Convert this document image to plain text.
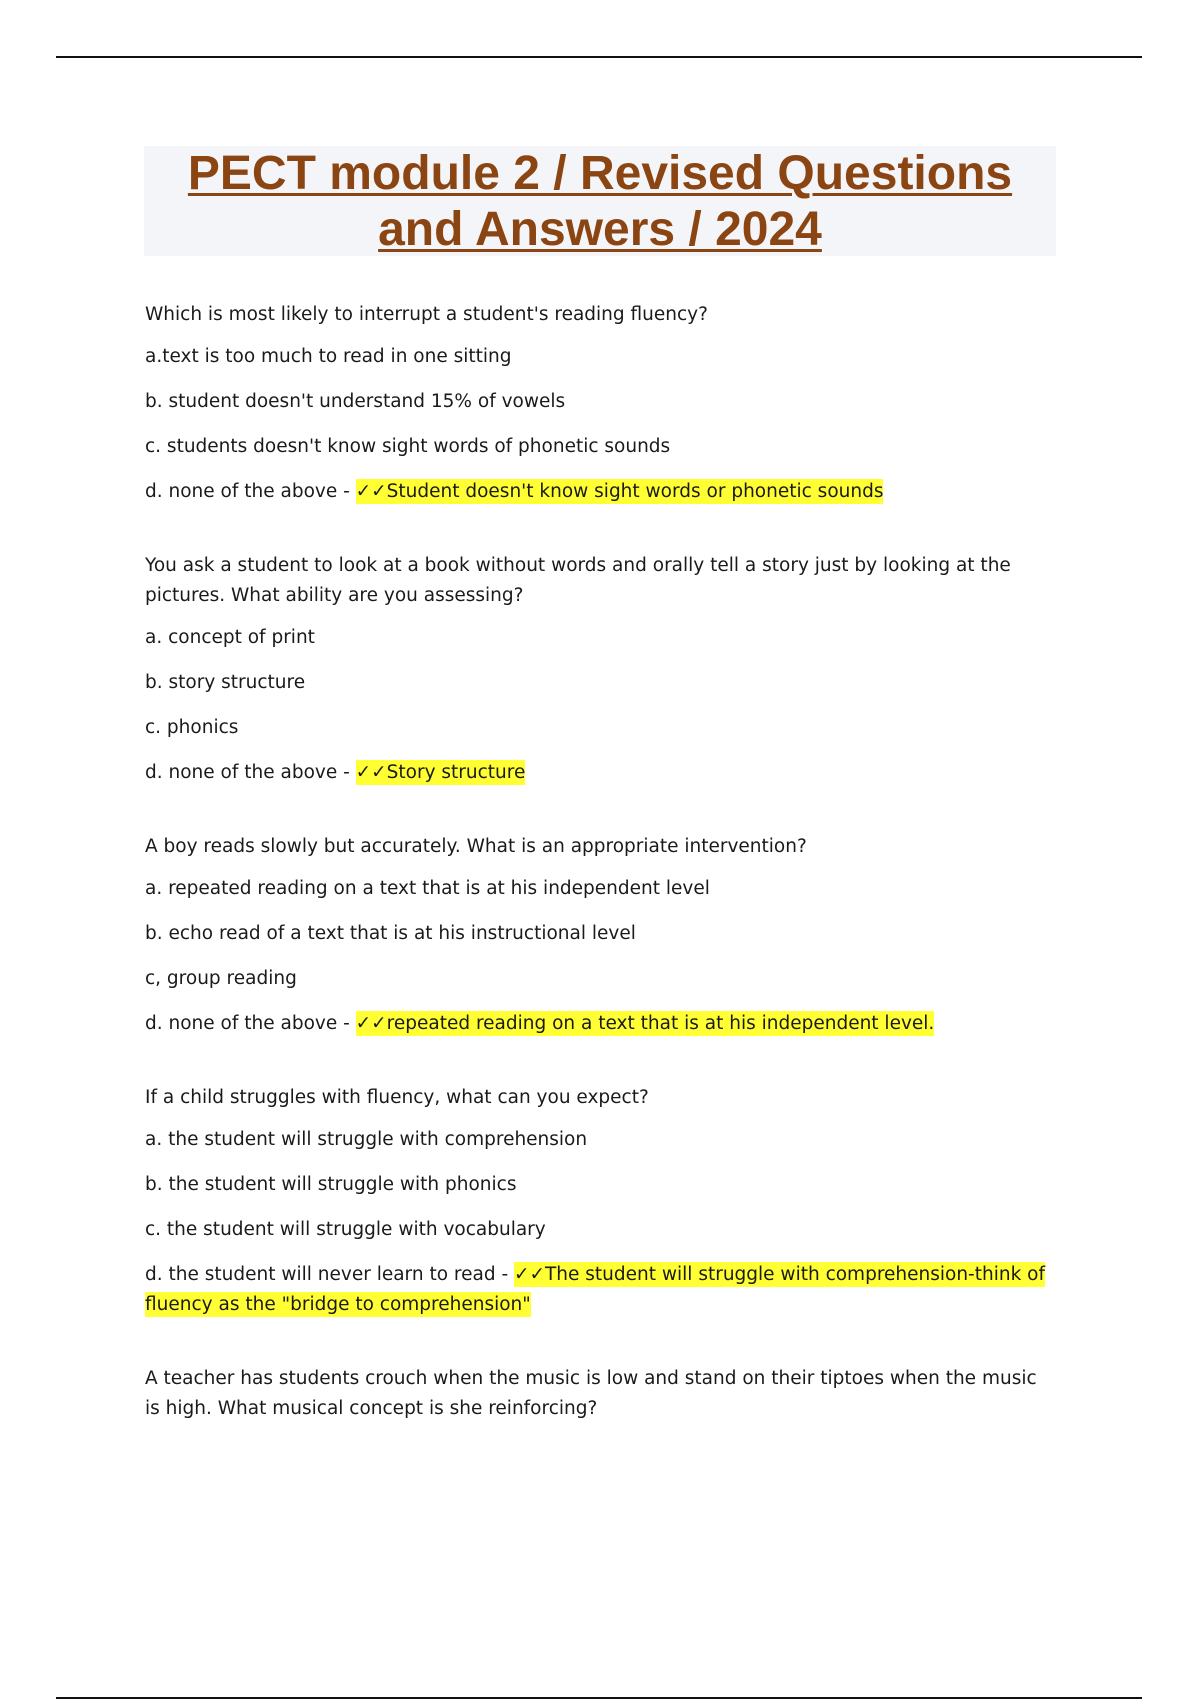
PECT module 2 / Revised Questions and Answers / 2024

Which is most likely to interrupt a student's reading fluency?

a.text is too much to read in one sitting

b. student doesn't understand 15% of vowels

c. students doesn't know sight words of phonetic sounds

d. none of the above - ✓✓Student doesn't know sight words or phonetic sounds

You ask a student to look at a book without words and orally tell a story just by looking at the pictures. What ability are you assessing?

a. concept of print

b. story structure

c. phonics

d. none of the above - ✓✓Story structure

A boy reads slowly but accurately. What is an appropriate intervention?

a. repeated reading on a text that is at his independent level

b. echo read of a text that is at his instructional level

c, group reading

d. none of the above - ✓✓repeated reading on a text that is at his independent level.

If a child struggles with fluency, what can you expect?

a. the student will struggle with comprehension

b. the student will struggle with phonics

c. the student will struggle with vocabulary

d. the student will never learn to read - ✓✓The student will struggle with comprehension-think of fluency as the "bridge to comprehension"

A teacher has students crouch when the music is low and stand on their tiptoes when the music is high. What musical concept is she reinforcing?
